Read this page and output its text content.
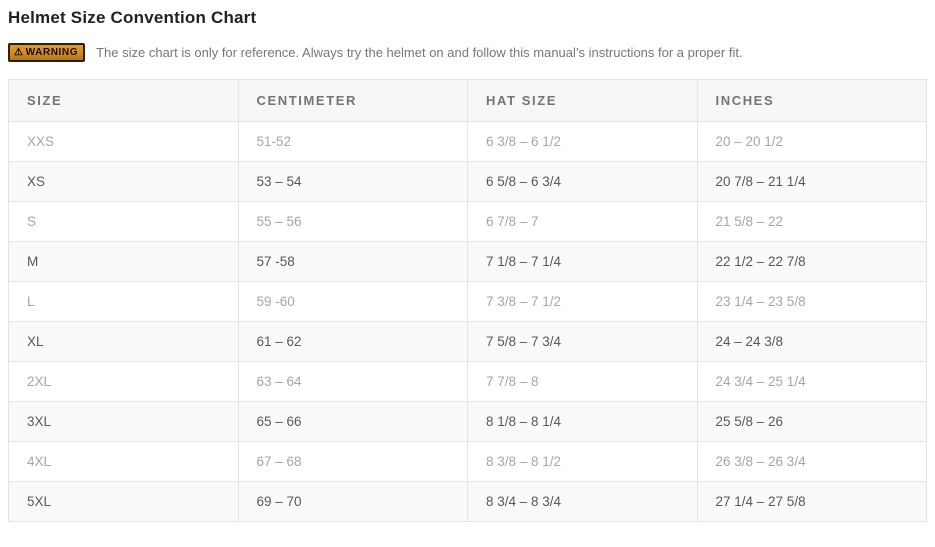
Helmet Size Convention Chart
⚠ WARNING The size chart is only for reference. Always try the helmet on and follow this manual’s instructions for a proper fit.
SIZE	CENTIMETER	HAT SIZE	INCHES
XXS	51-52	6 3/8 – 6 1/2	20 – 20 1/2
XS	53 – 54	6 5/8 – 6 3/4	20 7/8 – 21 1/4
S	55 – 56	6 7/8 – 7	21 5/8 – 22
M	57 -58	7 1/8 – 7 1/4	22 1/2 – 22 7/8
L	59 -60	7 3/8 – 7 1/2	23 1/4 – 23 5/8
XL	61 – 62	7 5/8 – 7 3/4	24 – 24 3/8
2XL	63 – 64	7 7/8 – 8	24 3/4 – 25 1/4
3XL	65 – 66	8 1/8 – 8 1/4	25 5/8 – 26
4XL	67 – 68	8 3/8 – 8 1/2	26 3/8 – 26 3/4
5XL	69 – 70	8 3/4 – 8 3/4	27 1/4 – 27 5/8
